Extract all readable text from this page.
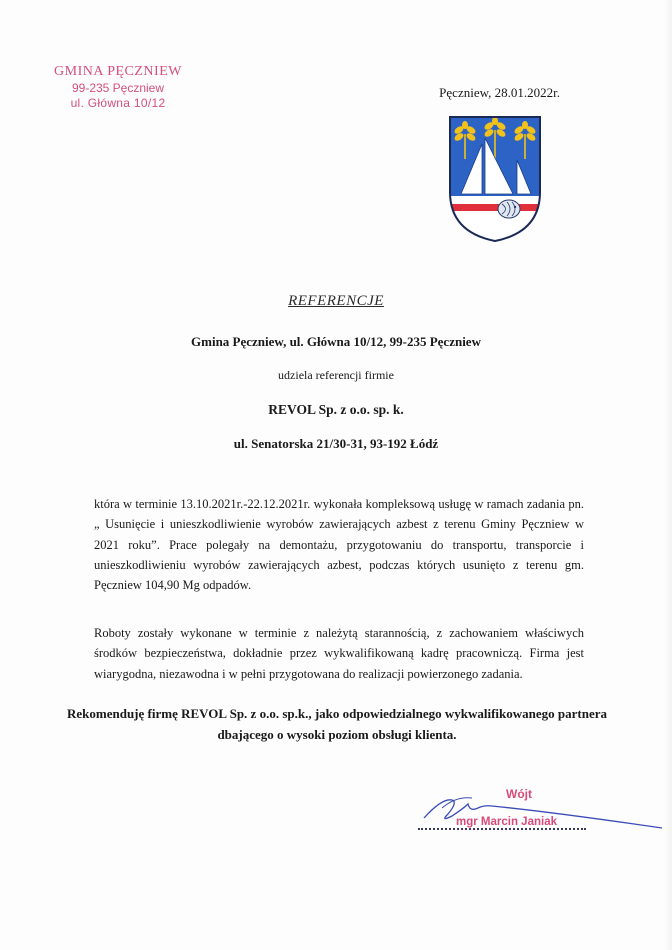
GMINA PĘCZNIEW
99-235 Pęczniew
ul. Główna 10/12
Pęczniew, 28.01.2022r.
REFERENCJE
Gmina Pęczniew, ul. Główna 10/12, 99-235 Pęczniew
udziela referencji firmie
REVOL Sp. z o.o. sp. k.
ul. Senatorska 21/30-31, 93-192 Łódź

która w terminie 13.10.2021r.-22.12.2021r. wykonała kompleksową usługę w ramach zadania pn. „ Usunięcie i unieszkodliwienie wyrobów zawierających azbest z terenu Gminy Pęczniew w 2021 roku”. Prace polegały na demontażu, przygotowaniu do transportu, transporcie i unieszkodliwieniu wyrobów zawierających azbest, podczas których usunięto z terenu gm. Pęczniew 104,90 Mg odpadów.

Roboty zostały wykonane w terminie z należytą starannością, z zachowaniem właściwych środków bezpieczeństwa, dokładnie przez wykwalifikowaną kadrę pracowniczą. Firma jest wiarygodna, niezawodna i w pełni przygotowana do realizacji powierzonego zadania.

Rekomenduję firmę REVOL Sp. z o.o. sp.k., jako odpowiedzialnego wykwalifikowanego partnera dbającego o wysoki poziom obsługi klienta.

Wójt
mgr Marcin Janiak
